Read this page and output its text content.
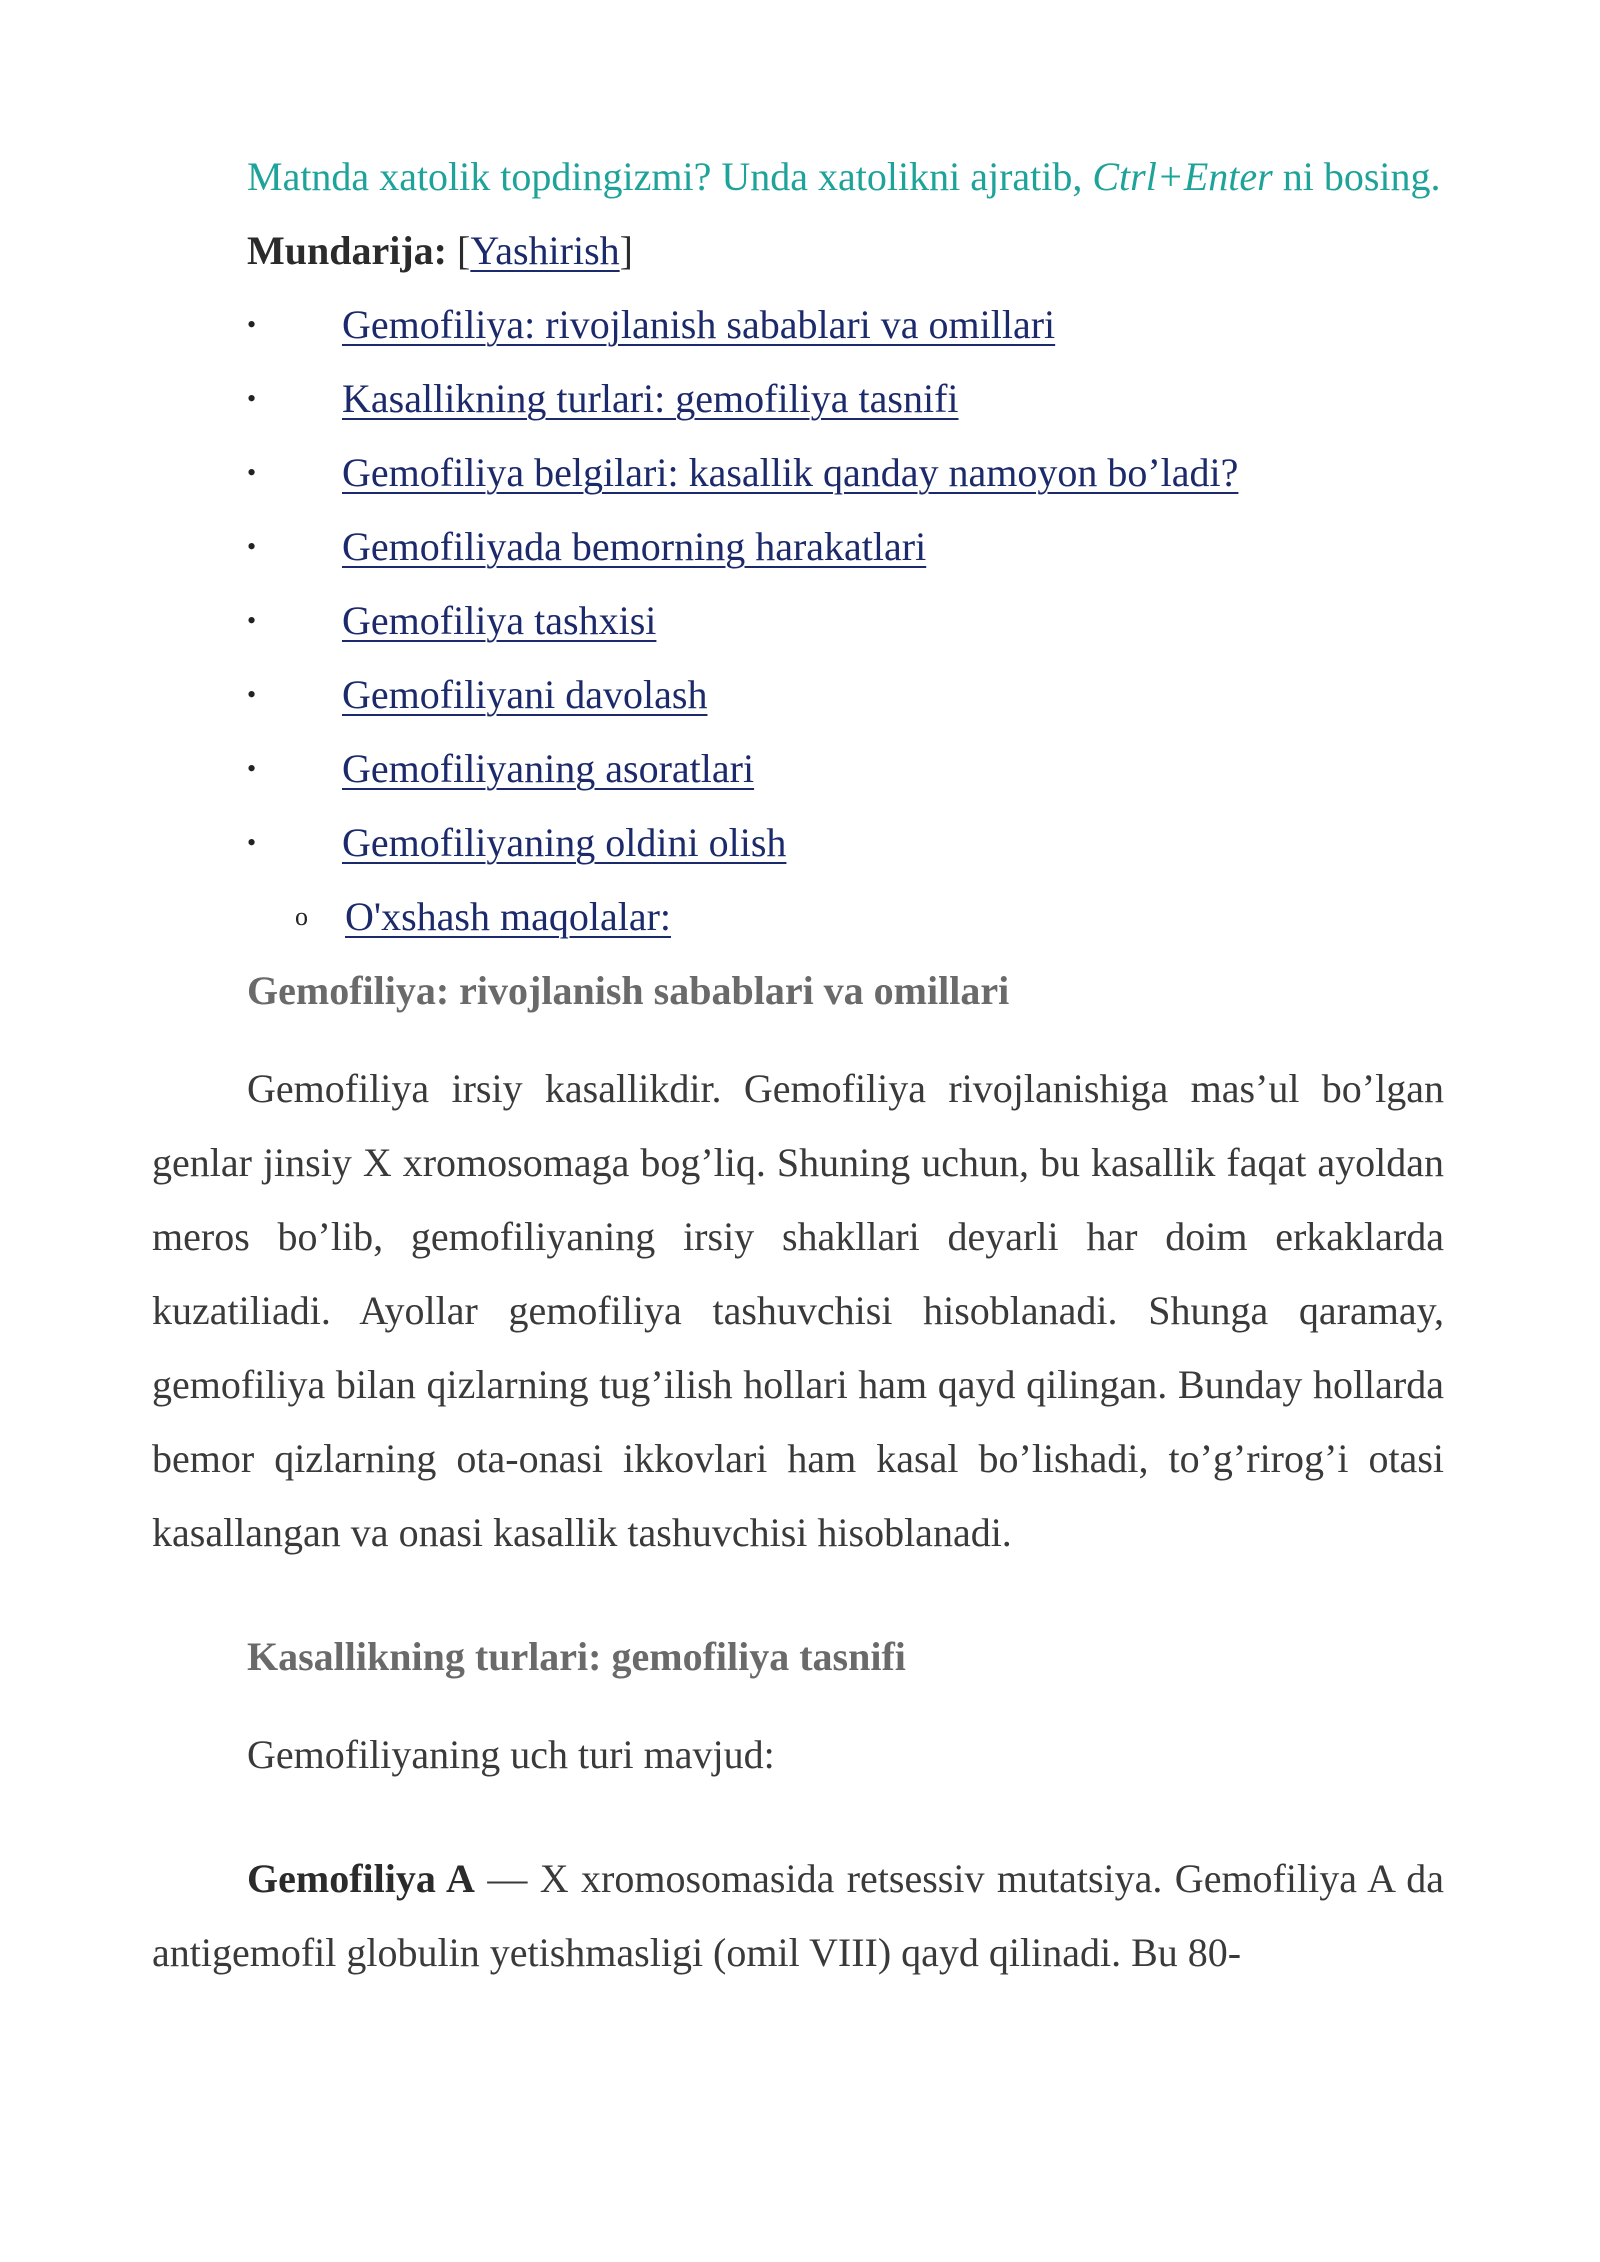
Matnda xatolik topdingizmi? Unda xatolikni ajratib, Ctrl+Enter ni bosing.

Mundarija: [Yashirish]
• Gemofiliya: rivojlanish sabablari va omillari
• Kasallikning turlari: gemofiliya tasnifi
• Gemofiliya belgilari: kasallik qanday namoyon bo’ladi?
• Gemofiliyada bemorning harakatlari
• Gemofiliya tashxisi
• Gemofiliyani davolash
• Gemofiliyaning asoratlari
• Gemofiliyaning oldini olish
o O'xshash maqolalar:
Gemofiliya: rivojlanish sabablari va omillari

Gemofiliya irsiy kasallikdir. Gemofiliya rivojlanishiga mas’ul bo’lgan genlar jinsiy X xromosomaga bog’liq. Shuning uchun, bu kasallik faqat ayoldan meros bo’lib, gemofiliyaning irsiy shakllari deyarli har doim erkaklarda kuzatiliadi. Ayollar gemofiliya tashuvchisi hisoblanadi. Shunga qaramay, gemofiliya bilan qizlarning tug’ilish hollari ham qayd qilingan. Bunday hollarda bemor qizlarning ota-onasi ikkovlari ham kasal bo’lishadi, to’g’rirog’i otasi kasallangan va onasi kasallik tashuvchisi hisoblanadi.

Kasallikning turlari: gemofiliya tasnifi

Gemofiliyaning uch turi mavjud:

Gemofiliya A — X xromosomasida retsessiv mutatsiya. Gemofiliya A da antigemofil globulin yetishmasligi (omil VIII) qayd qilinadi. Bu 80-
